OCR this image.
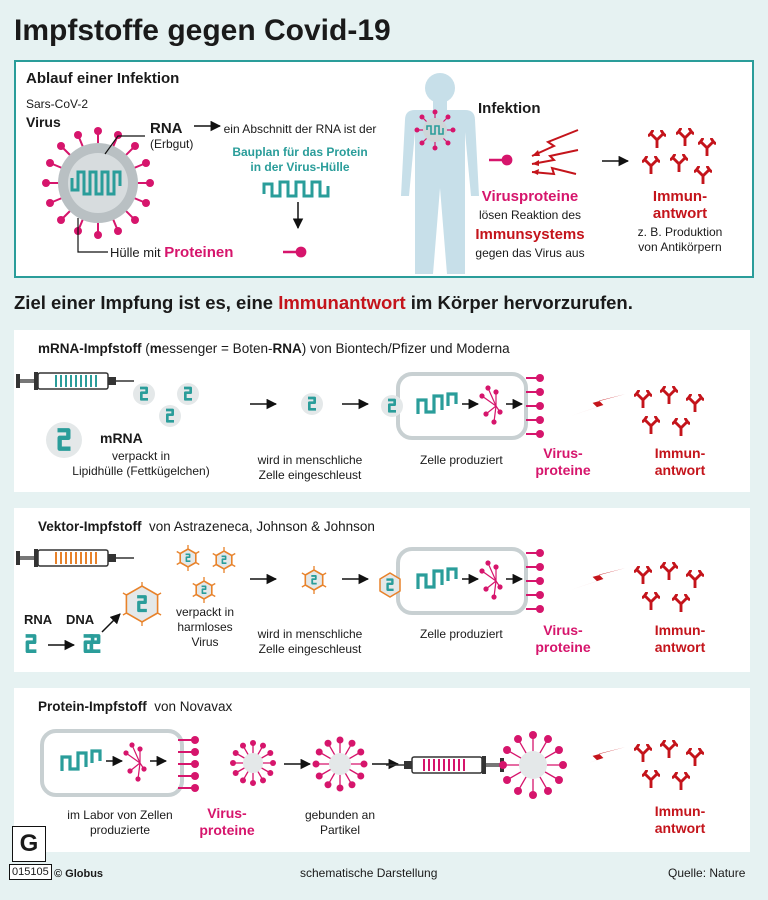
Impfstoffe gegen Covid-19
Ablauf einer Infektion
Sars-CoV-2
Virus	RNA
(Erbgut)
Hülle mit Proteinen
ein Abschnitt der RNA ist der
Bauplan für das Protein
in der Virus-Hülle
Infektion
Virusproteine
lösen Reaktion des
Immunsystems
gegen das Virus aus
Immun-
antwort
z. B. Produktion
von Antikörpern
Ziel einer Impfung ist es, eine Immunantwort im Körper hervorzurufen.
mRNA-Impfstoff (messenger = Boten-RNA) von Biontech/Pfizer und Moderna
mRNA
verpackt in
Lipidhülle (Fettkügelchen)
wird in menschliche
Zelle eingeschleust
Zelle produziert	Virus-
proteine
Immun-
antwort
Vektor-Impfstoff von Astrazeneca, Johnson & Johnson
RNA DNA	verpackt in
harmloses
Virus
wird in menschliche
Zelle eingeschleust
Zelle produziert	Virus-
proteine
Immun-
antwort
Protein-Impfstoff von Novavax
im Labor von Zellen
produzierte
Virus-
proteine
gebunden an
Partikel
Immun-
antwort
G
015105 © Globus	schematische Darstellung	Quelle: Nature
